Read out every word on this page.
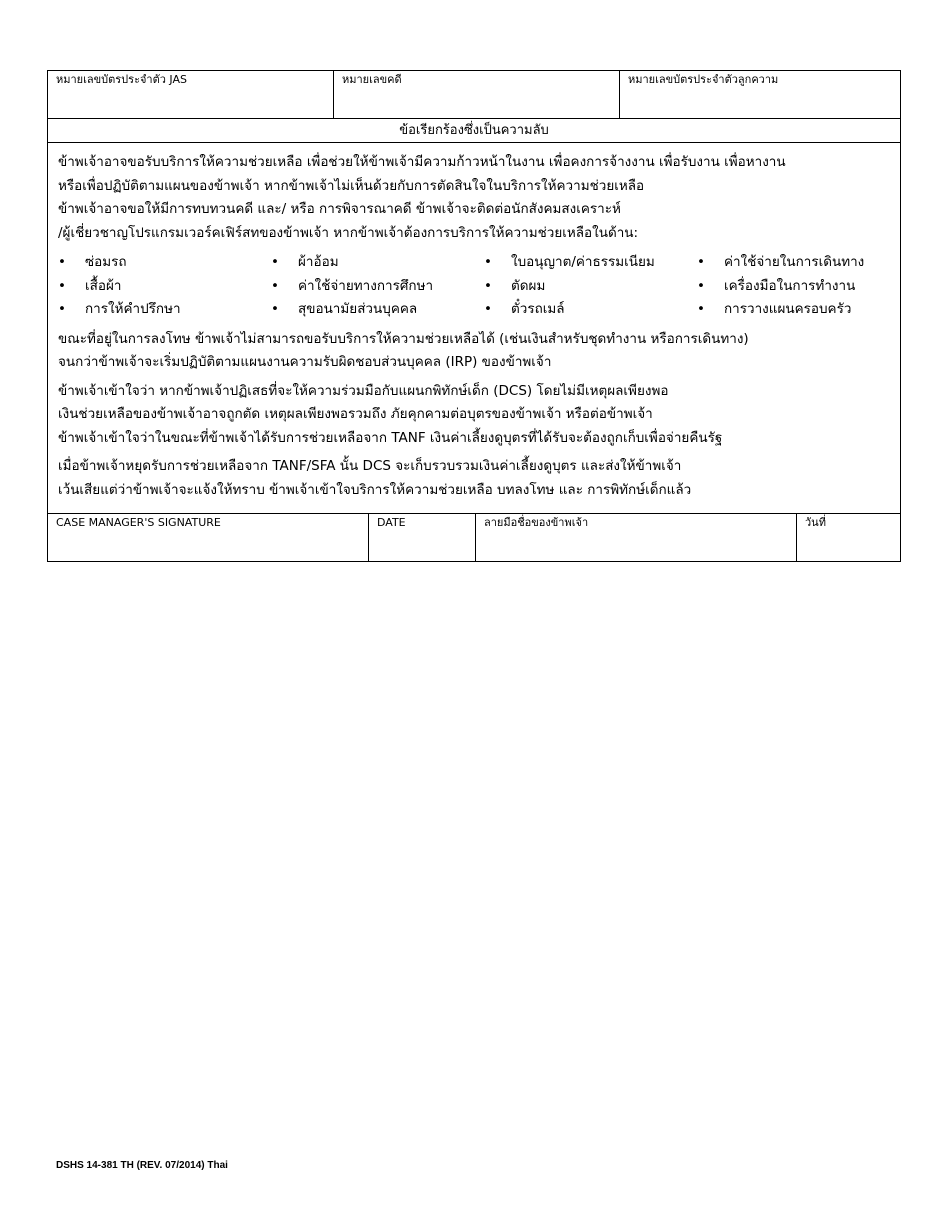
หมายเลขบัตรประจำตัว JAS	หมายเลขคดี	หมายเลขบัตรประจำตัวลูกความ
ข้อเรียกร้องซึ่งเป็นความลับ

ข้าพเจ้าอาจขอรับบริการให้ความช่วยเหลือ เพื่อช่วยให้ข้าพเจ้ามีความก้าวหน้าในงาน เพื่อคงการจ้างงาน เพื่อรับงาน เพื่อหางาน
หรือเพื่อปฏิบัติตามแผนของข้าพเจ้า หากข้าพเจ้าไม่เห็นด้วยกับการตัดสินใจในบริการให้ความช่วยเหลือ
ข้าพเจ้าอาจขอให้มีการทบทวนคดี และ/ หรือ การพิจารณาคดี ข้าพเจ้าจะติดต่อนักสังคมสงเคราะห์
/ผู้เชี่ยวชาญโปรแกรมเวอร์คเฟิร์สทของข้าพเจ้า หากข้าพเจ้าต้องการบริการให้ความช่วยเหลือในด้าน:

•	ซ่อมรถ
•	เสื้อผ้า
•	การให้คำปรึกษา
•	ผ้าอ้อม
•	ค่าใช้จ่ายทางการศึกษา
•	สุขอนามัยส่วนบุคคล
•	ใบอนุญาต/ค่าธรรมเนียม
•	ตัดผม
•	ตั๋วรถเมล์
•	ค่าใช้จ่ายในการเดินทาง
•	เครื่องมือในการทำงาน
•	การวางแผนครอบครัว

ขณะที่อยู่ในการลงโทษ ข้าพเจ้าไม่สามารถขอรับบริการให้ความช่วยเหลือได้ (เช่นเงินสำหรับชุดทำงาน หรือการเดินทาง)
จนกว่าข้าพเจ้าจะเริ่มปฏิบัติตามแผนงานความรับผิดชอบส่วนบุคคล (IRP) ของข้าพเจ้า

ข้าพเจ้าเข้าใจว่า หากข้าพเจ้าปฏิเสธที่จะให้ความร่วมมือกับแผนกพิทักษ์เด็ก (DCS) โดยไม่มีเหตุผลเพียงพอ
เงินช่วยเหลือของข้าพเจ้าอาจถูกตัด เหตุผลเพียงพอรวมถึง ภัยคุกคามต่อบุตรของข้าพเจ้า หรือต่อข้าพเจ้า
ข้าพเจ้าเข้าใจว่าในขณะที่ข้าพเจ้าได้รับการช่วยเหลือจาก TANF เงินค่าเลี้ยงดูบุตรที่ได้รับจะต้องถูกเก็บเพื่อจ่ายคืนรัฐ

เมื่อข้าพเจ้าหยุดรับการช่วยเหลือจาก TANF/SFA นั้น DCS จะเก็บรวบรวมเงินค่าเลี้ยงดูบุตร และส่งให้ข้าพเจ้า
เว้นเสียแต่ว่าข้าพเจ้าจะแจ้งให้ทราบ ข้าพเจ้าเข้าใจบริการให้ความช่วยเหลือ บทลงโทษ และ การพิทักษ์เด็กแล้ว

CASE MANAGER'S SIGNATURE	DATE	ลายมือชื่อของข้าพเจ้า	วันที่
DSHS 14-381 TH (REV. 07/2014) Thai
